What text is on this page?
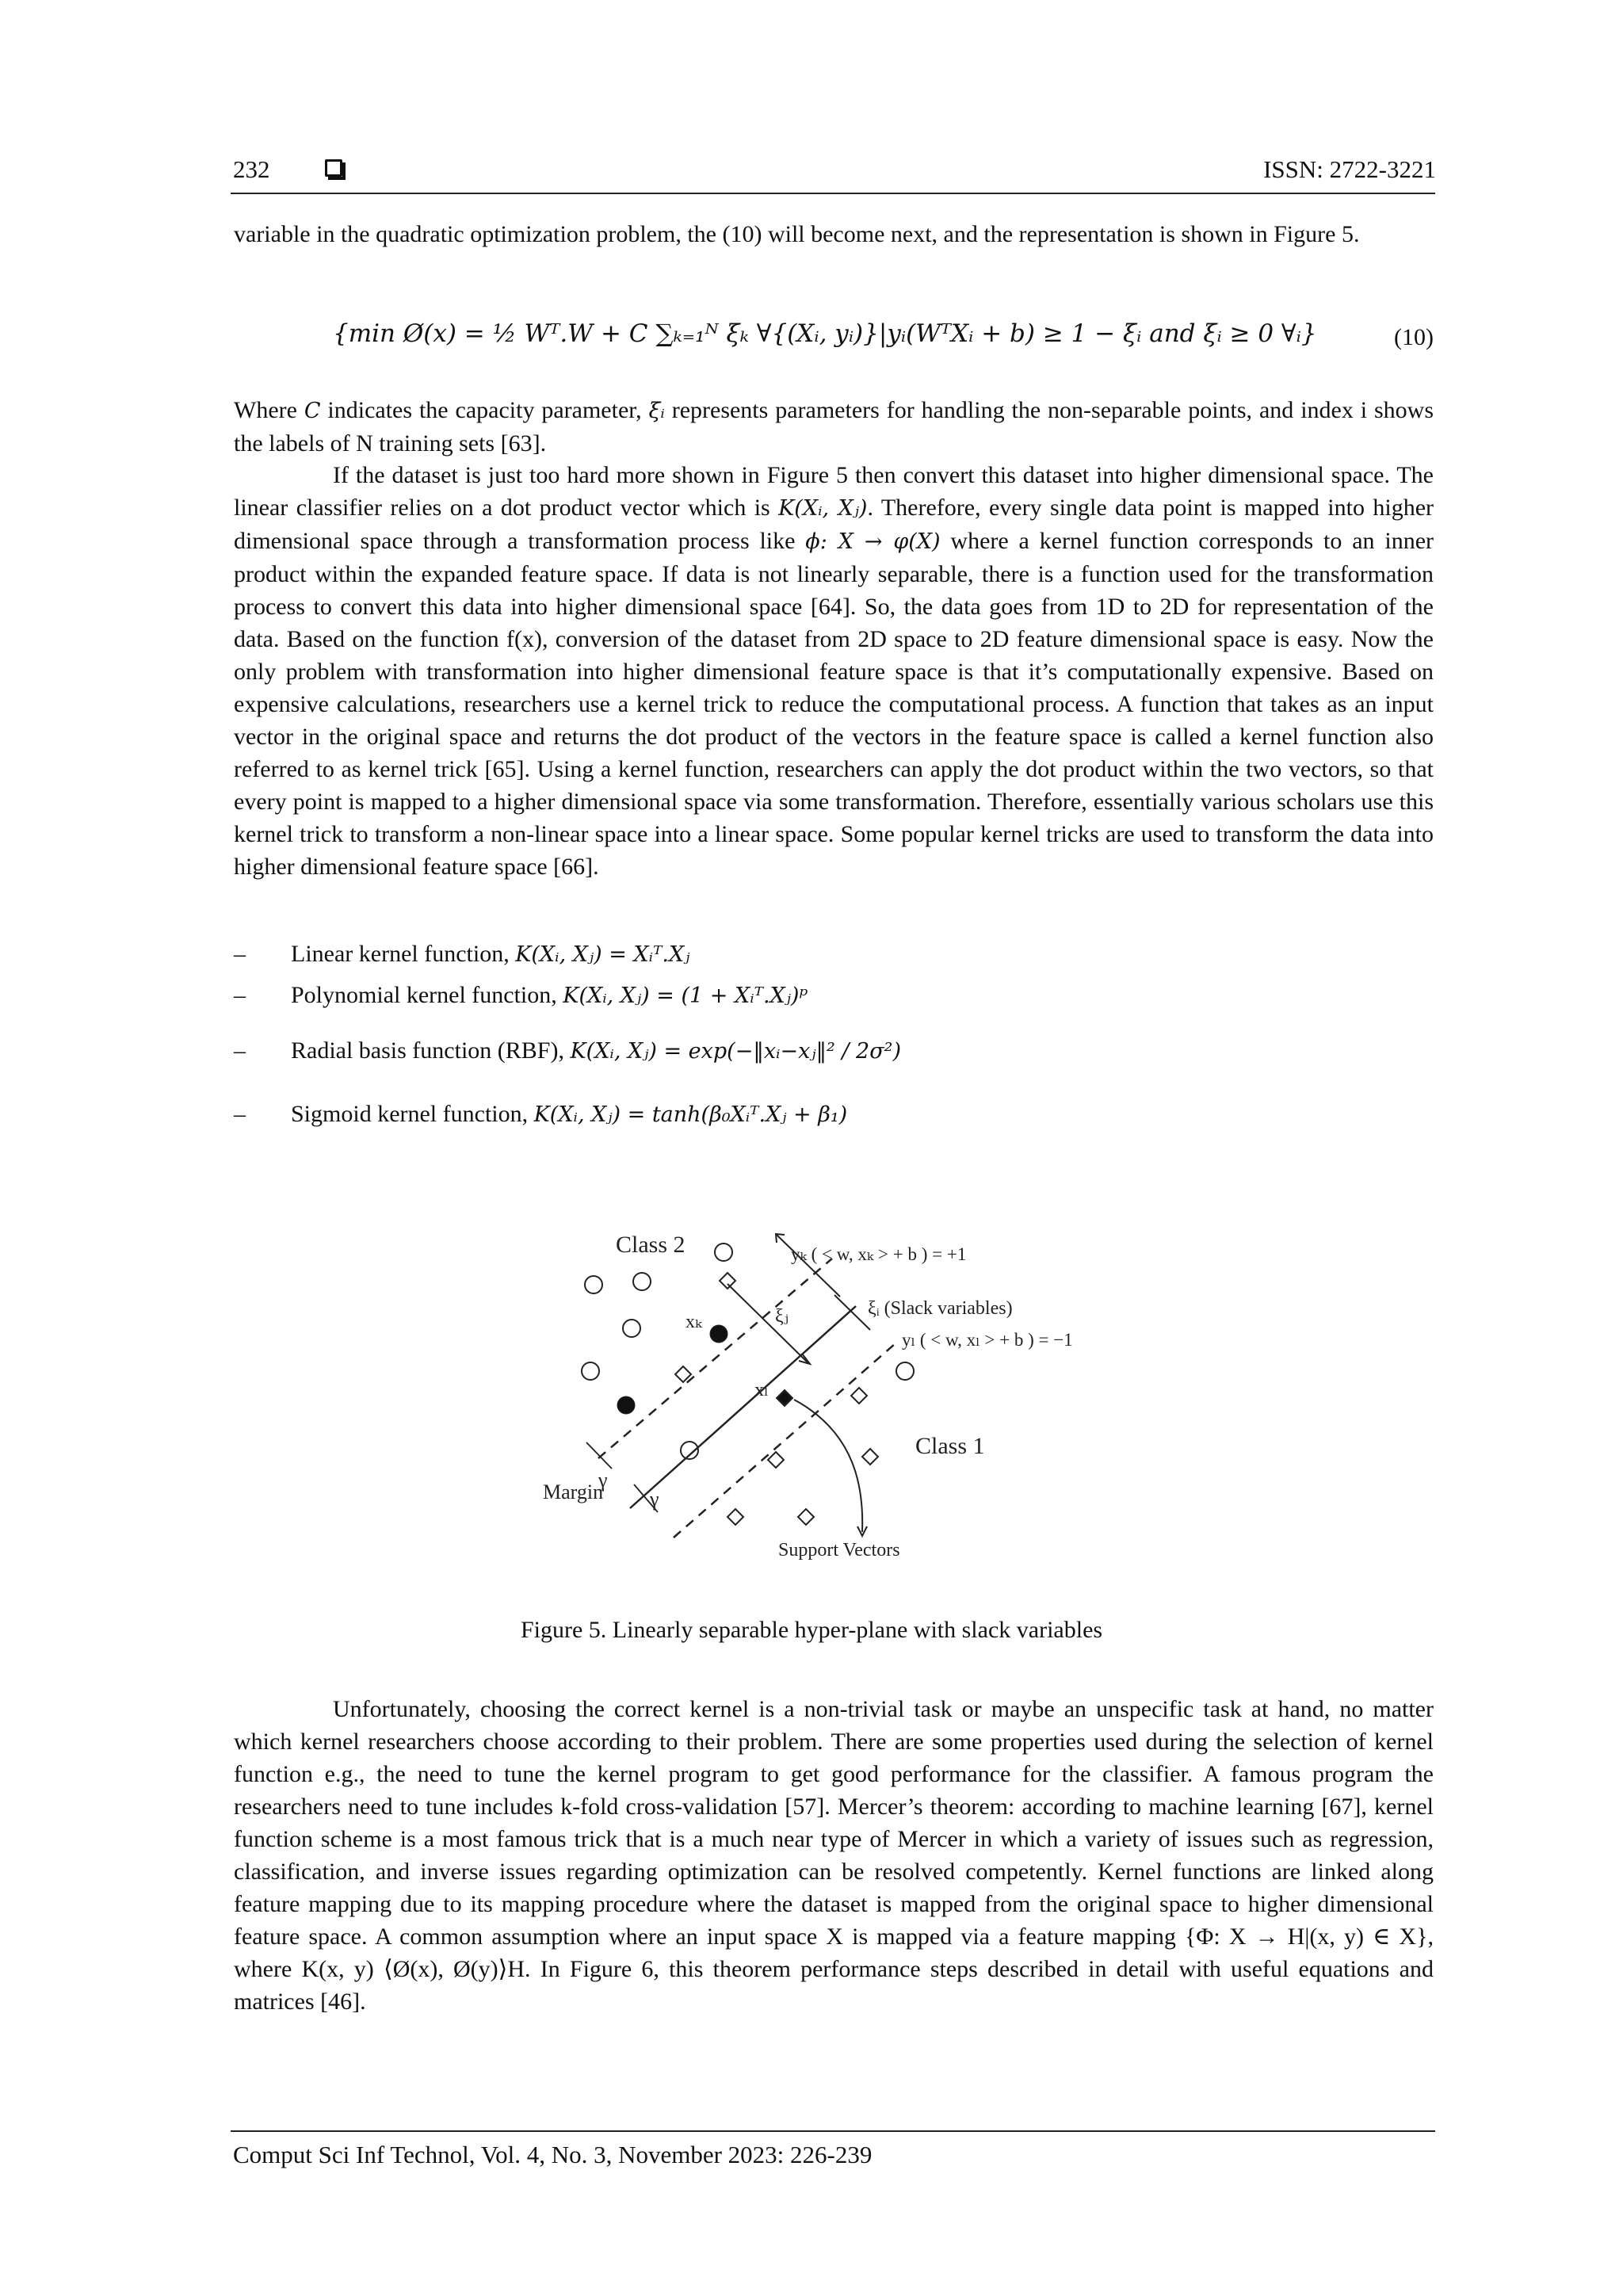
232	ISSN: 2722-3221

variable in the quadratic optimization problem, the (10) will become next, and the representation is shown in Figure 5.

{min Ø(x) = ½ Wᵀ.W + C ∑ₖ₌₁ᴺ ξₖ ∀{(Xᵢ, yᵢ)}|yᵢ(WᵀXᵢ + b) ≥ 1 − ξᵢ and ξᵢ ≥ 0 ∀ᵢ}	(10)

Where C indicates the capacity parameter, ξᵢ represents parameters for handling the non-separable points, and index i shows the labels of N training sets [63].

If the dataset is just too hard more shown in Figure 5 then convert this dataset into higher dimensional space. The linear classifier relies on a dot product vector which is K(Xᵢ, Xⱼ). Therefore, every single data point is mapped into higher dimensional space through a transformation process like ϕ: X → φ(X) where a kernel function corresponds to an inner product within the expanded feature space. If data is not linearly separable, there is a function used for the transformation process to convert this data into higher dimensional space [64]. So, the data goes from 1D to 2D for representation of the data. Based on the function f(x), conversion of the dataset from 2D space to 2D feature dimensional space is easy. Now the only problem with transformation into higher dimensional feature space is that it’s computationally expensive. Based on expensive calculations, researchers use a kernel trick to reduce the computational process. A function that takes as an input vector in the original space and returns the dot product of the vectors in the feature space is called a kernel function also referred to as kernel trick [65]. Using a kernel function, researchers can apply the dot product within the two vectors, so that every point is mapped to a higher dimensional space via some transformation. Therefore, essentially various scholars use this kernel trick to transform a non-linear space into a linear space. Some popular kernel tricks are used to transform the data into higher dimensional feature space [66].

– Linear kernel function, K(Xᵢ, Xⱼ) = Xᵢᵀ.Xⱼ
– Polynomial kernel function, K(Xᵢ, Xⱼ) = (1 + Xᵢᵀ.Xⱼ)ᵖ
– Radial basis function (RBF), K(Xᵢ, Xⱼ) = exp(−‖xᵢ−xⱼ‖² / 2σ²)
– Sigmoid kernel function, K(Xᵢ, Xⱼ) = tanh(β₀Xᵢᵀ.Xⱼ + β₁)
Class 2
Class 1
Margin
γ
γ
xₖ
xₗ
ξⱼ	ξᵢ (Slack variables)
yₖ ( < w, xₖ > + b ) = +1
yₗ ( < w, xₗ > + b ) = −1
Support Vectors
Figure 5. Linearly separable hyper-plane with slack variables

Unfortunately, choosing the correct kernel is a non-trivial task or maybe an unspecific task at hand, no matter which kernel researchers choose according to their problem. There are some properties used during the selection of kernel function e.g., the need to tune the kernel program to get good performance for the classifier. A famous program the researchers need to tune includes k-fold cross-validation [57]. Mercer’s theorem: according to machine learning [67], kernel function scheme is a most famous trick that is a much near type of Mercer in which a variety of issues such as regression, classification, and inverse issues regarding optimization can be resolved competently. Kernel functions are linked along feature mapping due to its mapping procedure where the dataset is mapped from the original space to higher dimensional feature space. A common assumption where an input space X is mapped via a feature mapping {Φ: X → H|(x, y) ∈ X}, where K(x, y) ⟨Ø(x), Ø(y)⟩H. In Figure 6, this theorem performance steps described in detail with useful equations and matrices [46].

Comput Sci Inf Technol, Vol. 4, No. 3, November 2023: 226-239
